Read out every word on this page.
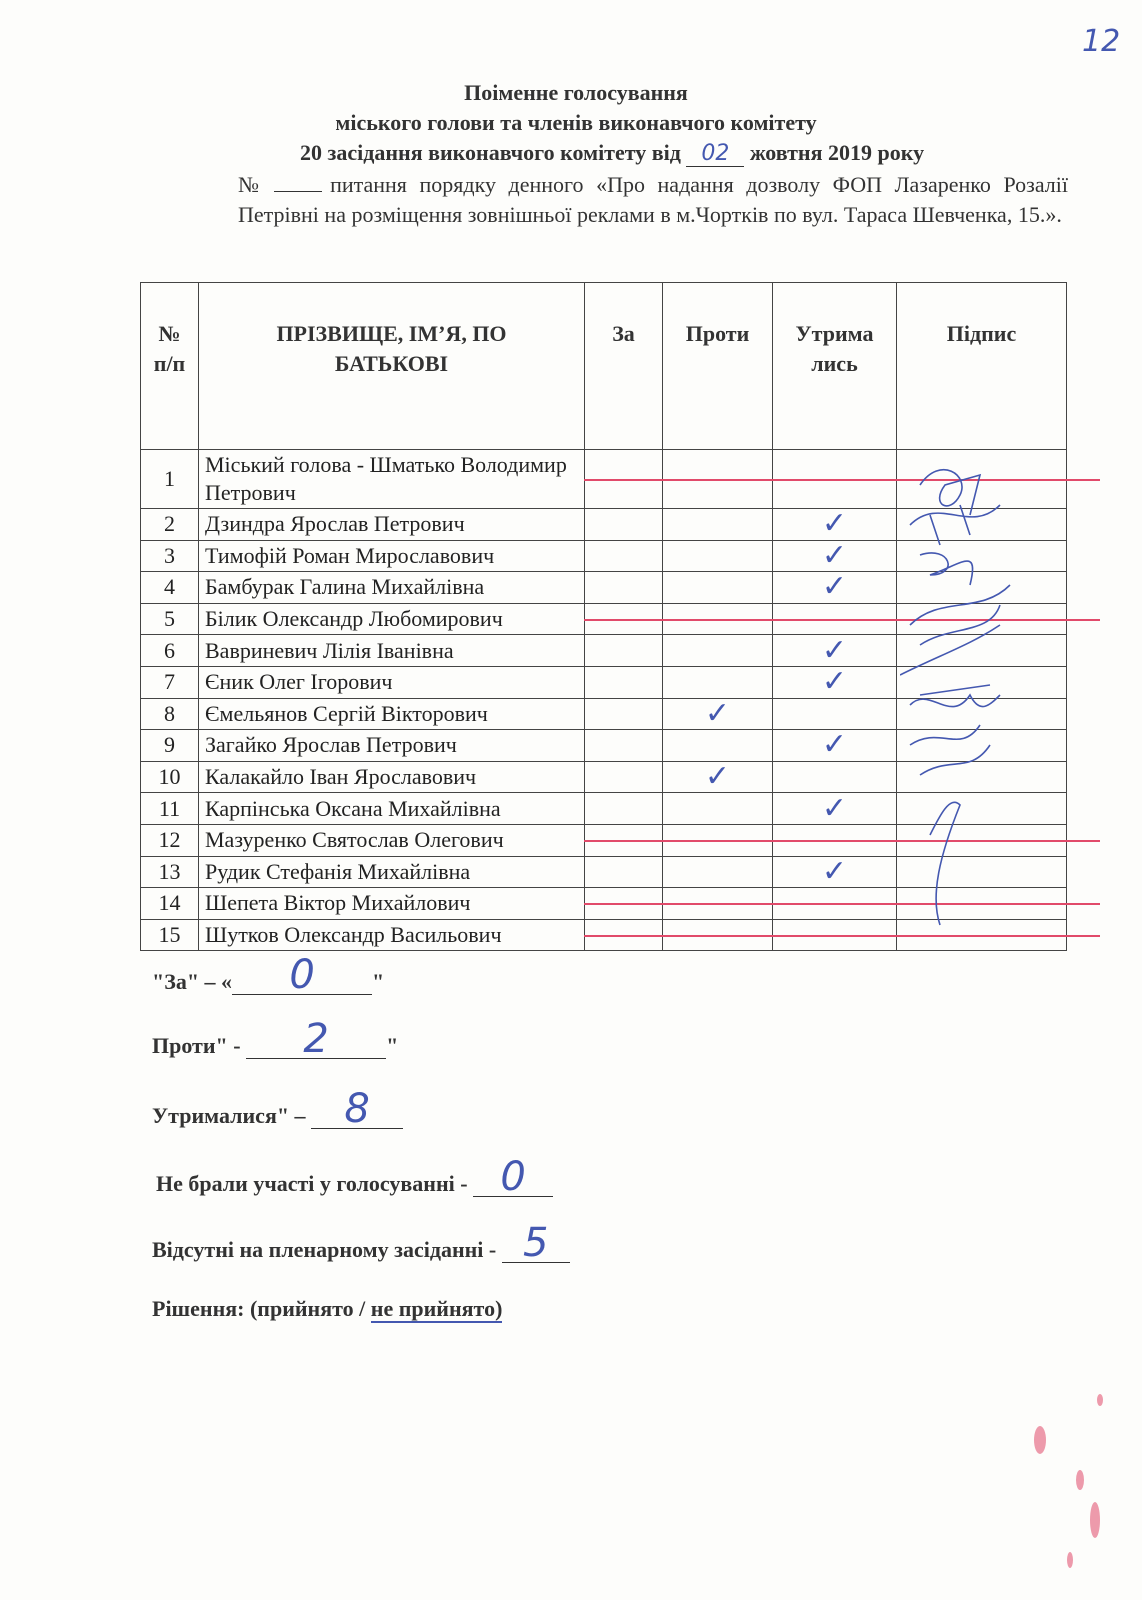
12
Поіменне голосування
міського голови та членів виконавчого комітету
20 засідання виконавчого комітету від 02 жовтня 2019 року
№	питання порядку денного «Про надання дозволу ФОП Лазаренко Розалії Петрівні на розміщення зовнішньої реклами в м.Чортків по вул. Тараса Шевченка, 15.».
№ п/п	ПРІЗВИЩЕ, ІМ’Я, ПО БАТЬКОВІ	За	Проти	Утрима лись	Підпис
1	Міський голова - Шматько Володимир Петрович				
2	Дзиндра Ярослав Петрович			✓	

3	Тимофій Роман Мирославович			✓	

4	Бамбурак Галина Михайлівна			✓	

5	Білик Олександр Любомирович				
6	Вавриневич Лілія Іванівна			✓	

7	Єник Олег Ігорович			✓	

8	Ємельянов Сергій Вікторович		✓		

9	Загайко Ярослав Петрович			✓	

10	Калакайло Іван Ярославович		✓		

11	Карпінська Оксана Михайлівна			✓	

12	Мазуренко Святослав Олегович				
13	Рудик Стефанія Михайлівна			✓	

14	Шепета Віктор Михайлович				
15	Шутков Олександр Васильович				
"За" – « 0	"
Проти" - 2	"
Утрималися" – 8
Не брали участі у голосуванні - 0
Відсутні на пленарному засіданні - 5
Рішення: (прийнято / не прийнято)
